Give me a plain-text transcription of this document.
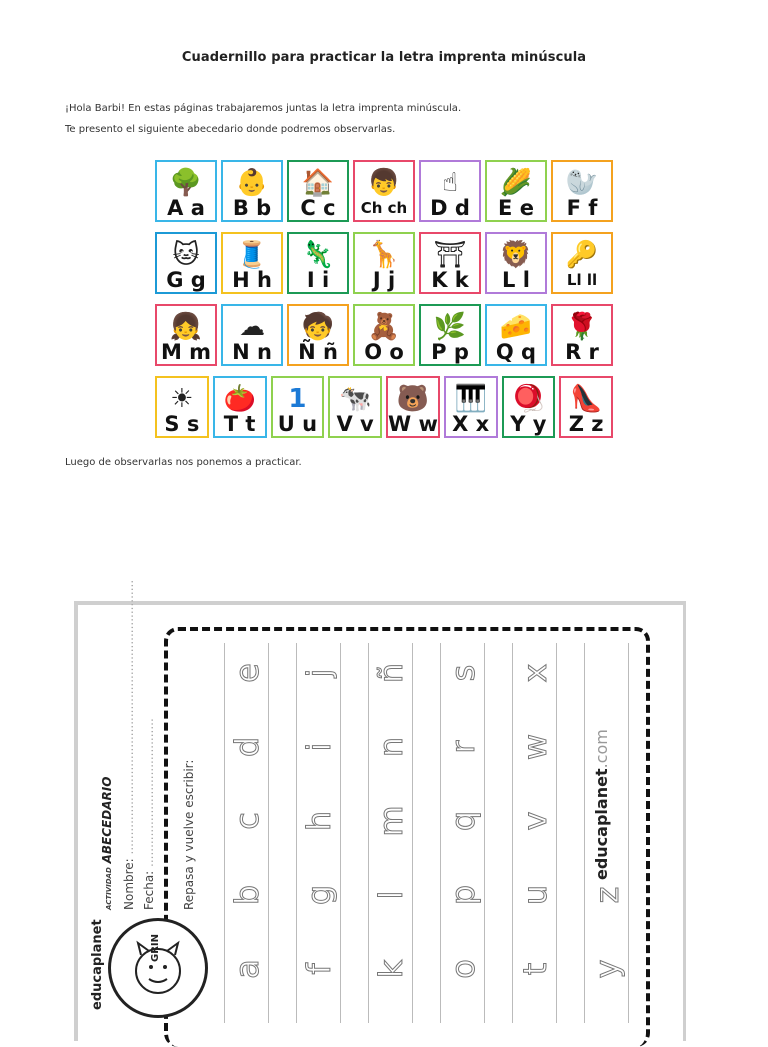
Cuadernillo para practicar la letra imprenta minúscula
¡Hola Barbi! En estas páginas trabajaremos juntas la letra imprenta minúscula.
Te presento el siguiente abecedario donde podremos observarlas.
🌳
A a
👶
B b
🏠
C c
👦
Ch ch
☝
D d
🌽
E e
🦭
F f
🐱
G g
🧵
H h
🦎
I i
🦒
J j
⛩
K k
🦁
L l
🔑
Ll ll
👧
M m
☁
N n
🧒
Ñ ñ
🧸
O o
🌿
P p
🧀
Q q
🌹
R r
☀
S s
🍅
T t
1
U u
🐄
V v
🐻
W w
🎹
X x
🪀
Y y
👠
Z z
Luego de observarlas nos ponemos a practicar.
ACTIVIDAD ABECEDARIO
Nombre: ........................................................................
Fecha: ....................................... Repasa y vuelve escribir:
a
b
c
d
e
f
g
h
i
j
k
l
m
n
ñ
o
p
q
r
s
t
u
v
w
x
y
z
educaplanet.com
educaplanet	GRIN
